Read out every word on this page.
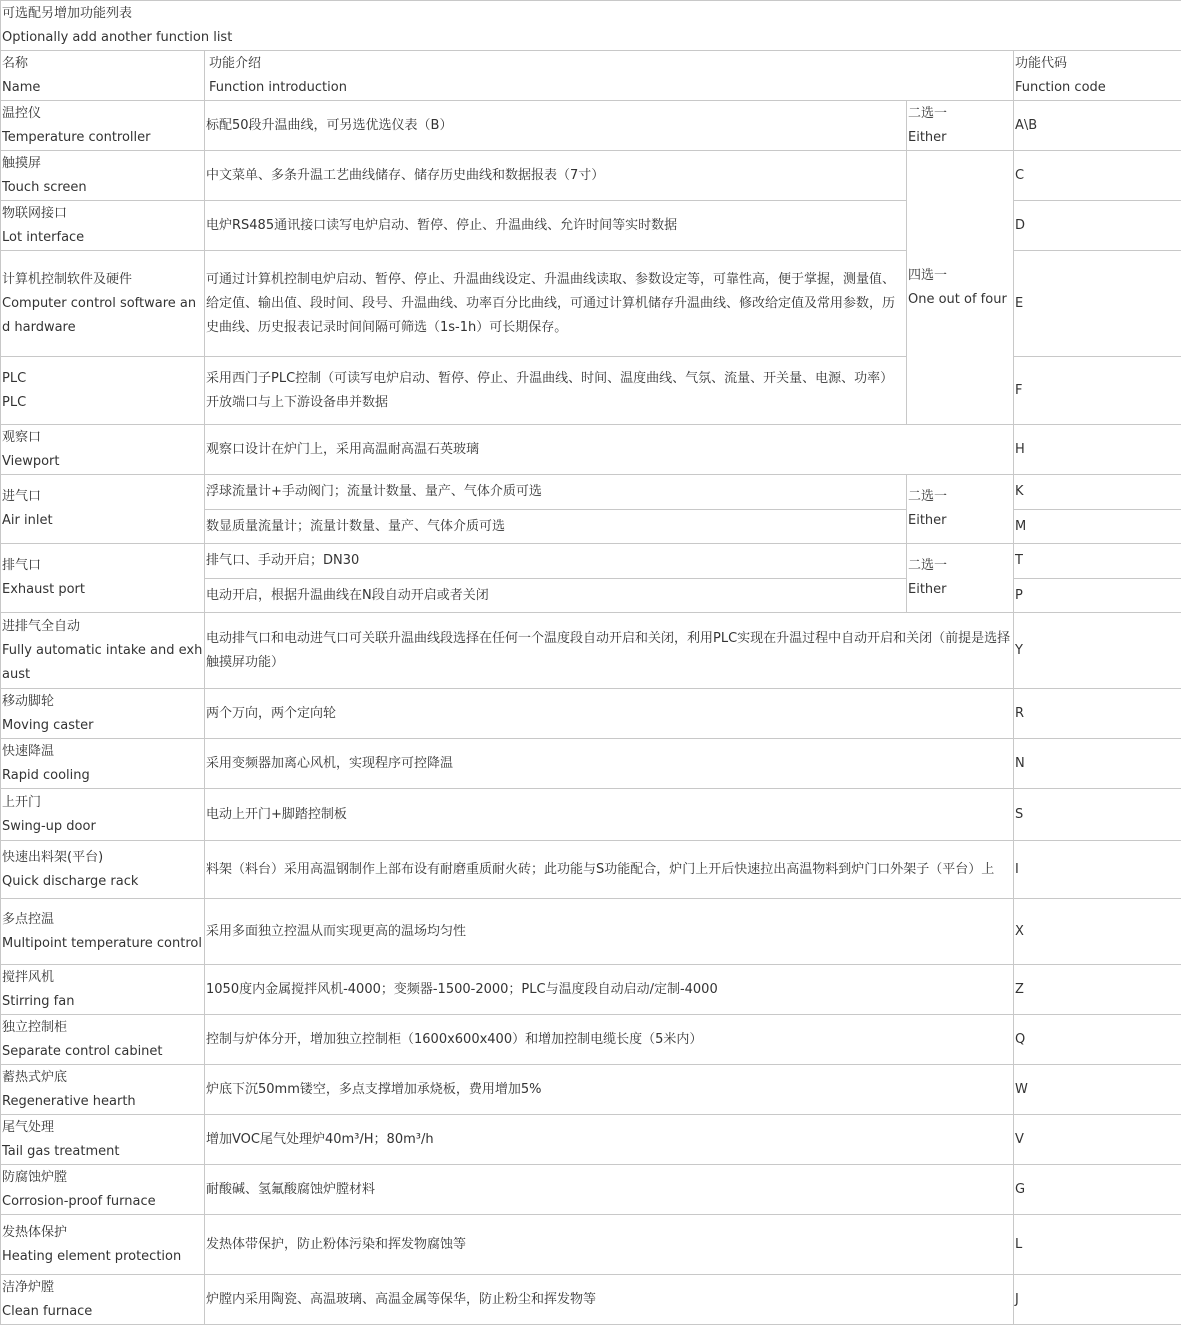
可选配另增加功能列表
Optionally add another function list			

名称
Name	功能介绍
Function introduction		功能代码
Function code

温控仪
Temperature controller	标配50段升温曲线，可另选优选仪表（B）	二选一
Either	A\B

触摸屏
Touch screen	中文菜单、多条升温工艺曲线储存、储存历史曲线和数据报表（7寸）	四选一
One out of four	C

物联网接口
Lot interface	电炉RS485通讯接口读写电炉启动、暂停、停止、升温曲线、允许时间等实时数据		D

计算机控制软件及硬件
Computer control software and hardware	可通过计算机控制电炉启动、暂停、停止、升温曲线设定、升温曲线读取、参数设定等，可靠性高，便于掌握，测量值、给定值、输出值、段时间、段号、升温曲线、功率百分比曲线，可通过计算机储存升温曲线、修改给定值及常用参数，历史曲线、历史报表记录时间间隔可筛选（1s-1h）可长期保存。		E

PLC
PLC	采用西门子PLC控制（可读写电炉启动、暂停、停止、升温曲线、时间、温度曲线、气氛、流量、开关量、电源、功率）开放端口与上下游设备串并数据		F

观察口
Viewport	观察口设计在炉门上，采用高温耐高温石英玻璃		H

进气口
Air inlet	浮球流量计+手动阀门；流量计数量、量产、气体介质可选	二选一
Either	K
	数显质量流量计；流量计数量、量产、气体介质可选		M

排气口
Exhaust port	排气口、手动开启；DN30	二选一
Either	T
	电动开启，根据升温曲线在N段自动开启或者关闭		P

进排气全自动
Fully automatic intake and exhaust	电动排气口和电动进气口可关联升温曲线段选择在任何一个温度段自动开启和关闭，利用PLC实现在升温过程中自动开启和关闭（前提是选择触摸屏功能）		Y

移动脚轮
Moving caster	两个万向，两个定向轮		R

快速降温
Rapid cooling	采用变频器加离心风机，实现程序可控降温		N

上开门
Swing-up door	电动上开门+脚踏控制板		S

快速出料架(平台)
Quick discharge rack	料架（料台）采用高温钢制作上部布设有耐磨重质耐火砖；此功能与S功能配合，炉门上开后快速拉出高温物料到炉门口外架子（平台）上		I

多点控温
Multipoint temperature control	采用多面独立控温从而实现更高的温场均匀性		X

搅拌风机
Stirring fan	1050度内金属搅拌风机-4000；变频器-1500-2000；PLC与温度段自动启动/定制-4000		Z

独立控制柜
Separate control cabinet	控制与炉体分开，增加独立控制柜（1600x600x400）和增加控制电缆长度（5米内）		Q

蓄热式炉底
Regenerative hearth	炉底下沉50mm镂空，多点支撑增加承烧板，费用增加5%		W

尾气处理
Tail gas treatment	增加VOC尾气处理炉40m³/H；80m³/h		V

防腐蚀炉膛
Corrosion-proof furnace	耐酸碱、氢氟酸腐蚀炉膛材料		G

发热体保护
Heating element protection	发热体带保护，防止粉体污染和挥发物腐蚀等		L

洁净炉膛
Clean furnace	炉膛内采用陶瓷、高温玻璃、高温金属等保华，防止粉尘和挥发物等		J
